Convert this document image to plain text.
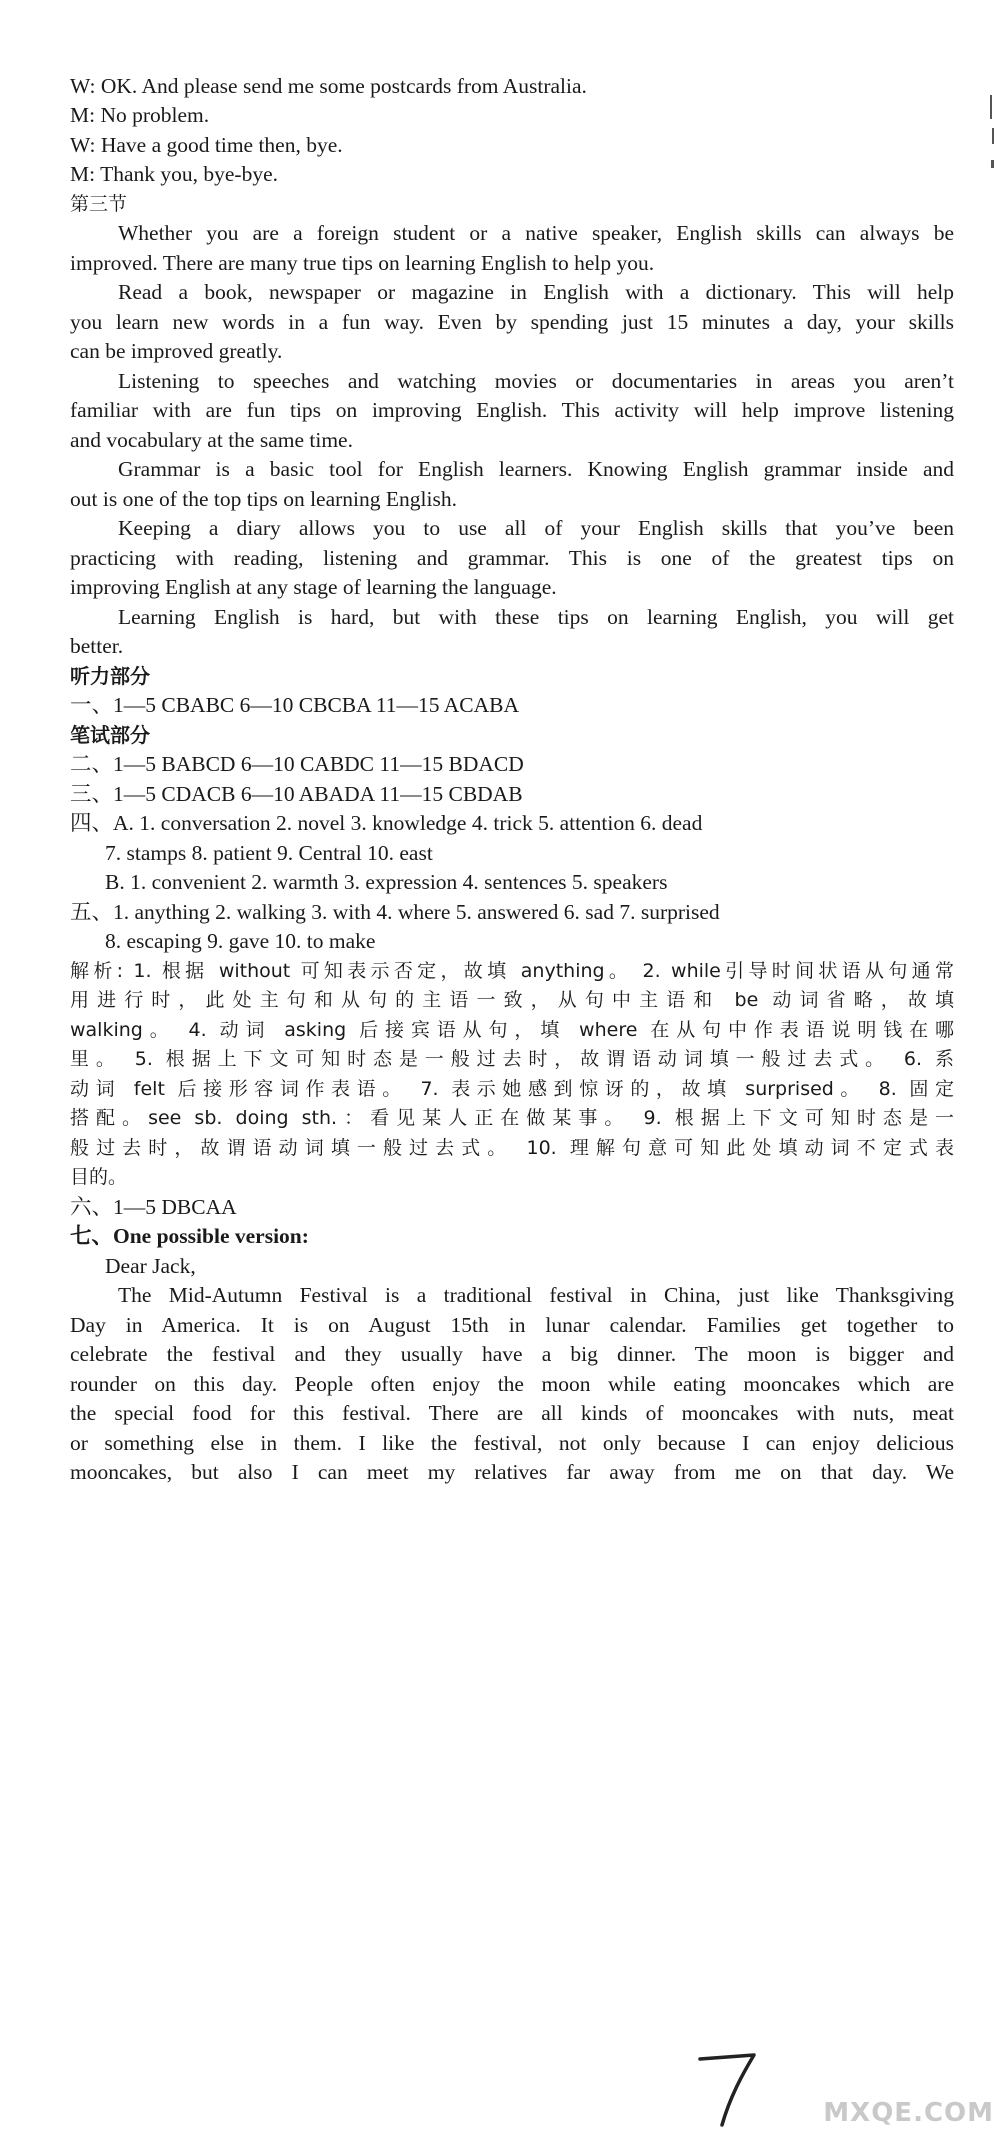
W: OK. And please send me some postcards from Australia.
M: No problem.
W: Have a good time then, bye.
M: Thank you, bye-bye.
第三节
Whether you are a foreign student or a native speaker, English skills can always be
improved. There are many true tips on learning English to help you.
Read a book, newspaper or magazine in English with a dictionary. This will help
you learn new words in a fun way. Even by spending just 15 minutes a day, your skills
can be improved greatly.
Listening to speeches and watching movies or documentaries in areas you aren’t
familiar with are fun tips on improving English. This activity will help improve listening
and vocabulary at the same time.
Grammar is a basic tool for English learners. Knowing English grammar inside and
out is one of the top tips on learning English.
Keeping a diary allows you to use all of your English skills that you’ve been
practicing with reading, listening and grammar. This is one of the greatest tips on
improving English at any stage of learning the language.
Learning English is hard, but with these tips on learning English, you will get
better.
听力部分
一、1—5 CBABC 6—10 CBCBA 11—15 ACABA
笔试部分
二、1—5 BABCD 6—10 CABDC 11—15 BDACD
三、1—5 CDACB 6—10 ABADA 11—15 CBDAB
四、A. 1. conversation 2. novel 3. knowledge 4. trick 5. attention 6. dead
7. stamps 8. patient 9. Central 10. east
B. 1. convenient 2. warmth 3. expression 4. sentences 5. speakers
五、1. anything 2. walking 3. with 4. where 5. answered 6. sad 7. surprised
8. escaping 9. gave 10. to make
解析: 1. 根据 without 可知表示否定，故填 anything。 2. while引导时间状语从句通常
用进行时，此处主句和从句的主语一致，从句中主语和 be 动词省略，故填
walking。 4. 动词 asking 后接宾语从句，填 where 在从句中作表语说明钱在哪
里。 5. 根据上下文可知时态是一般过去时，故谓语动词填一般过去式。 6. 系
动词 felt 后接形容词作表语。 7. 表示她感到惊讶的，故填 surprised。 8. 固定
搭配。see sb. doing sth.：看见某人正在做某事。 9. 根据上下文可知时态是一
般过去时，故谓语动词填一般过去式。 10. 理解句意可知此处填动词不定式表
目的。
六、1—5 DBCAA
七、One possible version:
Dear Jack,
The Mid-Autumn Festival is a traditional festival in China, just like Thanksgiving
Day in America. It is on August 15th in lunar calendar. Families get together to
celebrate the festival and they usually have a big dinner. The moon is bigger and
rounder on this day. People often enjoy the moon while eating mooncakes which are
the special food for this festival. There are all kinds of mooncakes with nuts, meat
or something else in them. I like the festival, not only because I can enjoy delicious
mooncakes, but also I can meet my relatives far away from me on that day. We
MXQE.COM
